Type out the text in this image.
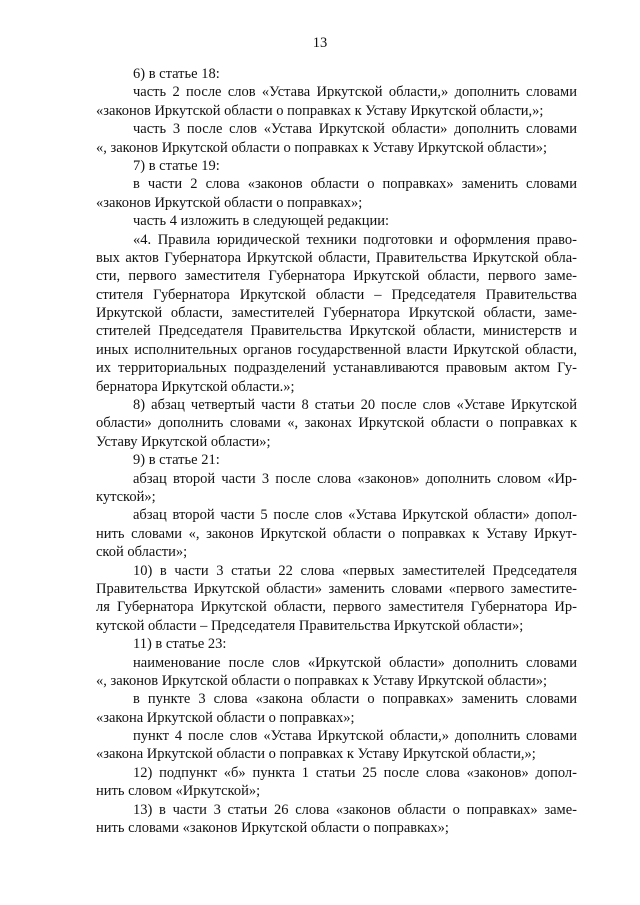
13
6) в статье 18:
часть 2 после слов «Устава Иркутской области,» дополнить словами
«законов Иркутской области о поправках к Уставу Иркутской области,»;
часть 3 после слов «Устава Иркутской области» дополнить словами
«, законов Иркутской области о поправках к Уставу Иркутской области»;
7) в статье 19:
в части 2 слова «законов области о поправках» заменить словами
«законов Иркутской области о поправках»;
часть 4 изложить в следующей редакции:
«4. Правила юридической техники подготовки и оформления право-
вых актов Губернатора Иркутской области, Правительства Иркутской обла-
сти, первого заместителя Губернатора Иркутской области, первого заме-
стителя Губернатора Иркутской области – Председателя Правительства
Иркутской области, заместителей Губернатора Иркутской области, заме-
стителей Председателя Правительства Иркутской области, министерств и
иных исполнительных органов государственной власти Иркутской области,
их территориальных подразделений устанавливаются правовым актом Гу-
бернатора Иркутской области.»;
8) абзац четвертый части 8 статьи 20 после слов «Уставе Иркутской
области» дополнить словами «, законах Иркутской области о поправках к
Уставу Иркутской области»;
9) в статье 21:
абзац второй части 3 после слова «законов» дополнить словом «Ир-
кутской»;
абзац второй части 5 после слов «Устава Иркутской области» допол-
нить словами «, законов Иркутской области о поправках к Уставу Иркут-
ской области»;
10) в части 3 статьи 22 слова «первых заместителей Председателя
Правительства Иркутской области» заменить словами «первого заместите-
ля Губернатора Иркутской области, первого заместителя Губернатора Ир-
кутской области – Председателя Правительства Иркутской области»;
11) в статье 23:
наименование после слов «Иркутской области» дополнить словами
«, законов Иркутской области о поправках к Уставу Иркутской области»;
в пункте 3 слова «закона области о поправках» заменить словами
«закона Иркутской области о поправках»;
пункт 4 после слов «Устава Иркутской области,» дополнить словами
«закона Иркутской области о поправках к Уставу Иркутской области,»;
12) подпункт «б» пункта 1 статьи 25 после слова «законов» допол-
нить словом «Иркутской»;
13) в части 3 статьи 26 слова «законов области о поправках» заме-
нить словами «законов Иркутской области о поправках»;
